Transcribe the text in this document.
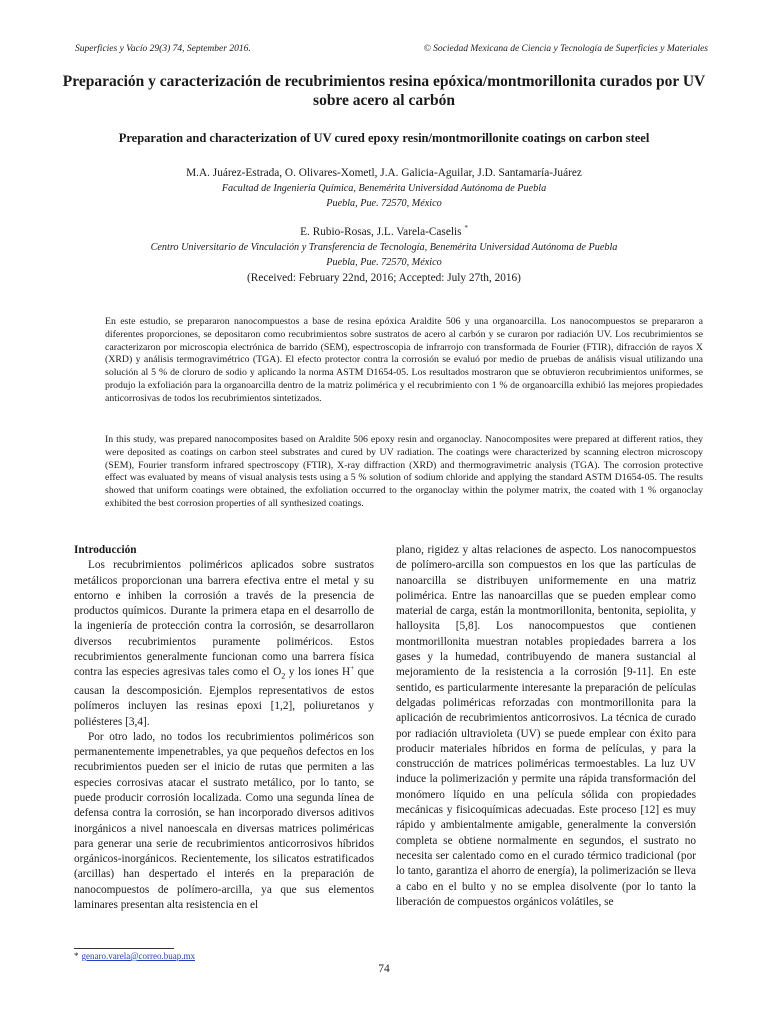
Superficies y Vacío 29(3) 74, September 2016.	© Sociedad Mexicana de Ciencia y Tecnología de Superficies y Materiales
Preparación y caracterización de recubrimientos resina epóxica/montmorillonita curados por UV sobre acero al carbón
Preparation and characterization of UV cured epoxy resin/montmorillonite coatings on carbon steel
M.A. Juárez-Estrada, O. Olivares-Xometl, J.A. Galicia-Aguilar, J.D. Santamaría-Juárez
Facultad de Ingeniería Química, Benemérita Universidad Autónoma de Puebla
Puebla, Pue. 72570, México
E. Rubio-Rosas, J.L. Varela-Caselis *
Centro Universitario de Vinculación y Transferencia de Tecnología, Benemérita Universidad Autónoma de Puebla
Puebla, Pue. 72570, México
(Received: February 22nd, 2016; Accepted: July 27th, 2016)

En este estudio, se prepararon nanocompuestos a base de resina epóxica Araldite 506 y una organoarcilla. Los nanocompuestos se prepararon a diferentes proporciones, se depositaron como recubrimientos sobre sustratos de acero al carbón y se curaron por radiación UV. Los recubrimientos se caracterizaron por microscopia electrónica de barrido (SEM), espectroscopia de infrarrojo con transformada de Fourier (FTIR), difracción de rayos X (XRD) y análisis termogravimétrico (TGA). El efecto protector contra la corrosión se evaluó por medio de pruebas de análisis visual utilizando una solución al 5 % de cloruro de sodio y aplicando la norma ASTM D1654-05. Los resultados mostraron que se obtuvieron recubrimientos uniformes, se produjo la exfoliación para la organoarcilla dentro de la matriz polimérica y el recubrimiento con 1 % de organoarcilla exhibió las mejores propiedades anticorrosivas de todos los recubrimientos sintetizados.

In this study, was prepared nanocomposites based on Araldite 506 epoxy resin and organoclay. Nanocomposites were prepared at different ratios, they were deposited as coatings on carbon steel substrates and cured by UV radiation. The coatings were characterized by scanning electron microscopy (SEM), Fourier transform infrared spectroscopy (FTIR), X-ray diffraction (XRD) and thermogravimetric analysis (TGA). The corrosion protective effect was evaluated by means of visual analysis tests using a 5 % solution of sodium chloride and applying the standard ASTM D1654-05. The results showed that uniform coatings were obtained, the exfoliation occurred to the organoclay within the polymer matrix, the coated with 1 % organoclay exhibited the best corrosion properties of all synthesized coatings.

Introducción

Los recubrimientos poliméricos aplicados sobre sustratos metálicos proporcionan una barrera efectiva entre el metal y su entorno e inhiben la corrosión a través de la presencia de productos químicos. Durante la primera etapa en el desarrollo de la ingeniería de protección contra la corrosión, se desarrollaron diversos recubrimientos puramente poliméricos. Estos recubrimientos generalmente funcionan como una barrera física contra las especies agresivas tales como el $O_2$ y los iones H+ que causan la descomposición. Ejemplos representativos de estos polímeros incluyen las resinas epoxi [1,2], poliuretanos y poliésteres [3,4].

Por otro lado, no todos los recubrimientos poliméricos son permanentemente impenetrables, ya que pequeños defectos en los recubrimientos pueden ser el inicio de rutas que permiten a las especies corrosivas atacar el sustrato metálico, por lo tanto, se puede producir corrosión localizada. Como una segunda línea de defensa contra la corrosión, se han incorporado diversos aditivos inorgánicos a nivel nanoescala en diversas matrices poliméricas para generar una serie de recubrimientos anticorrosivos híbridos orgánicos-inorgánicos. Recientemente, los silicatos estratificados (arcillas) han despertado el interés en la preparación de nanocompuestos de polímero-arcilla, ya que sus elementos laminares presentan alta resistencia en el

plano, rigidez y altas relaciones de aspecto. Los nanocompuestos de polímero-arcilla son compuestos en los que las partículas de nanoarcilla se distribuyen uniformemente en una matriz polimérica. Entre las nanoarcillas que se pueden emplear como material de carga, están la montmorillonita, bentonita, sepiolita, y halloysita [5,8]. Los nanocompuestos que contienen montmorillonita muestran notables propiedades barrera a los gases y la humedad, contribuyendo de manera sustancial al mejoramiento de la resistencia a la corrosión [9-11]. En este sentido, es particularmente interesante la preparación de películas delgadas poliméricas reforzadas con montmorillonita para la aplicación de recubrimientos anticorrosivos. La técnica de curado por radiación ultravioleta (UV) se puede emplear con éxito para producir materiales híbridos en forma de películas, y para la construcción de matrices poliméricas termoestables. La luz UV induce la polimerización y permite una rápida transformación del monómero líquido en una película sólida con propiedades mecánicas y fisicoquímicas adecuadas. Este proceso [12] es muy rápido y ambientalmente amigable, generalmente la conversión completa se obtiene normalmente en segundos, el sustrato no necesita ser calentado como en el curado térmico tradicional (por lo tanto, garantiza el ahorro de energía), la polimerización se lleva a cabo en el bulto y no se emplea disolvente (por lo tanto la liberación de compuestos orgánicos volátiles, se

* genaro.varela@correo.buap.mx
74
